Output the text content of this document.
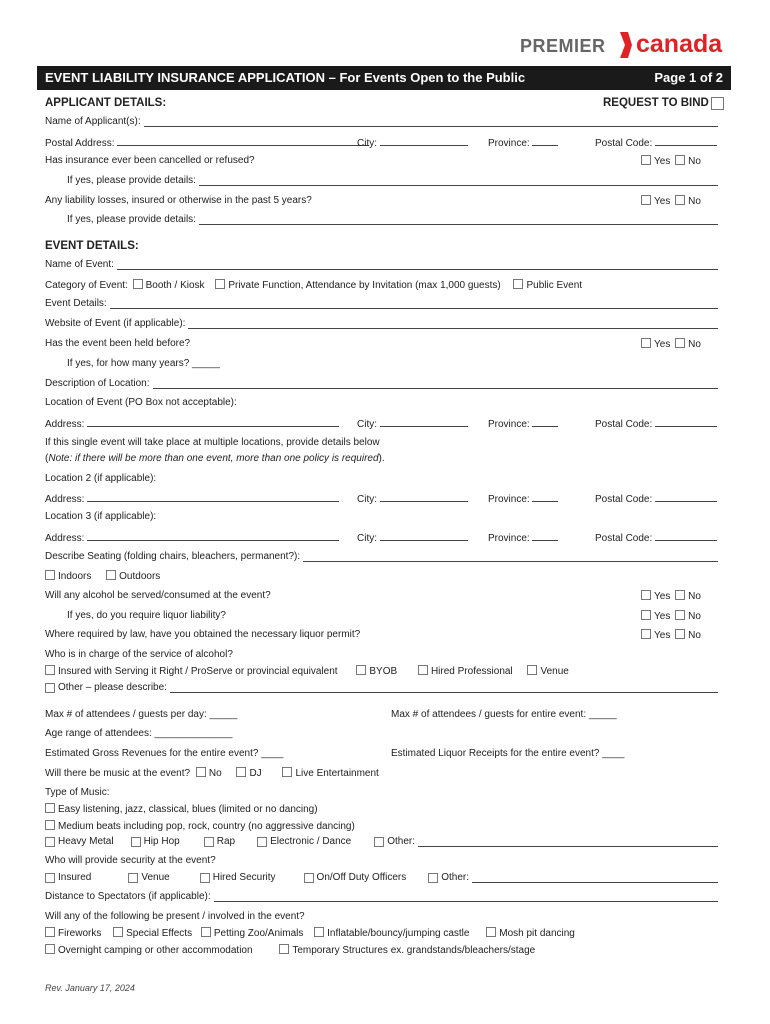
PREMIER canada
EVENT LIABILITY INSURANCE APPLICATION – For Events Open to the Public	Page 1 of 2
APPLICANT DETAILS:	REQUEST TO BIND
Name of Applicant(s):
Postal Address:	City:	Province:	Postal Code:
Has insurance ever been cancelled or refused?	Yes No
If yes, please provide details:
Any liability losses, insured or otherwise in the past 5 years?	Yes No
If yes, please provide details:
EVENT DETAILS:
Name of Event:
Category of Event: Booth / Kiosk Private Function, Attendance by Invitation (max 1,000 guests)	Public Event
Event Details:
Website of Event (if applicable):
Has the event been held before?	Yes No
If yes, for how many years? _____
Description of Location:
Location of Event (PO Box not acceptable):
Address:	City:	Province:	Postal Code:
If this single event will take place at multiple locations, provide details below
(Note: if there will be more than one event, more than one policy is required).
Location 2 (if applicable):
Address:	City:	Province:	Postal Code:
Location 3 (if applicable):
Address:	City:	Province:	Postal Code:
Describe Seating (folding chairs, bleachers, permanent?):
Indoors	Outdoors
Will any alcohol be served/consumed at the event?	Yes No
If yes, do you require liquor liability?	Yes No
Where required by law, have you obtained the necessary liquor permit?	Yes No
Who is in charge of the service of alcohol?
Insured with Serving it Right / ProServe or provincial equivalent	BYOB	Hired Professional	Venue
Other – please describe:
Max # of attendees / guests per day: _____	Max # of attendees / guests for entire event: _____
Age range of attendees: ______________
Estimated Gross Revenues for the entire event? ____	Estimated Liquor Receipts for the entire event? ____
Will there be music at the event? No	DJ	Live Entertainment
Type of Music:
Easy listening, jazz, classical, blues (limited or no dancing)
Medium beats including pop, rock, country (no aggressive dancing)
Heavy Metal	Hip Hop	Rap	Electronic / Dance	Other:
Who will provide security at the event?
Insured	Venue	Hired Security	On/Off Duty Officers	Other:
Distance to Spectators (if applicable):
Will any of the following be present / involved in the event?
Fireworks Special Effects Petting Zoo/Animals Inflatable/bouncy/jumping castle	Mosh pit dancing
Overnight camping or other accommodation	Temporary Structures ex. grandstands/bleachers/stage
Rev. January 17, 2024
